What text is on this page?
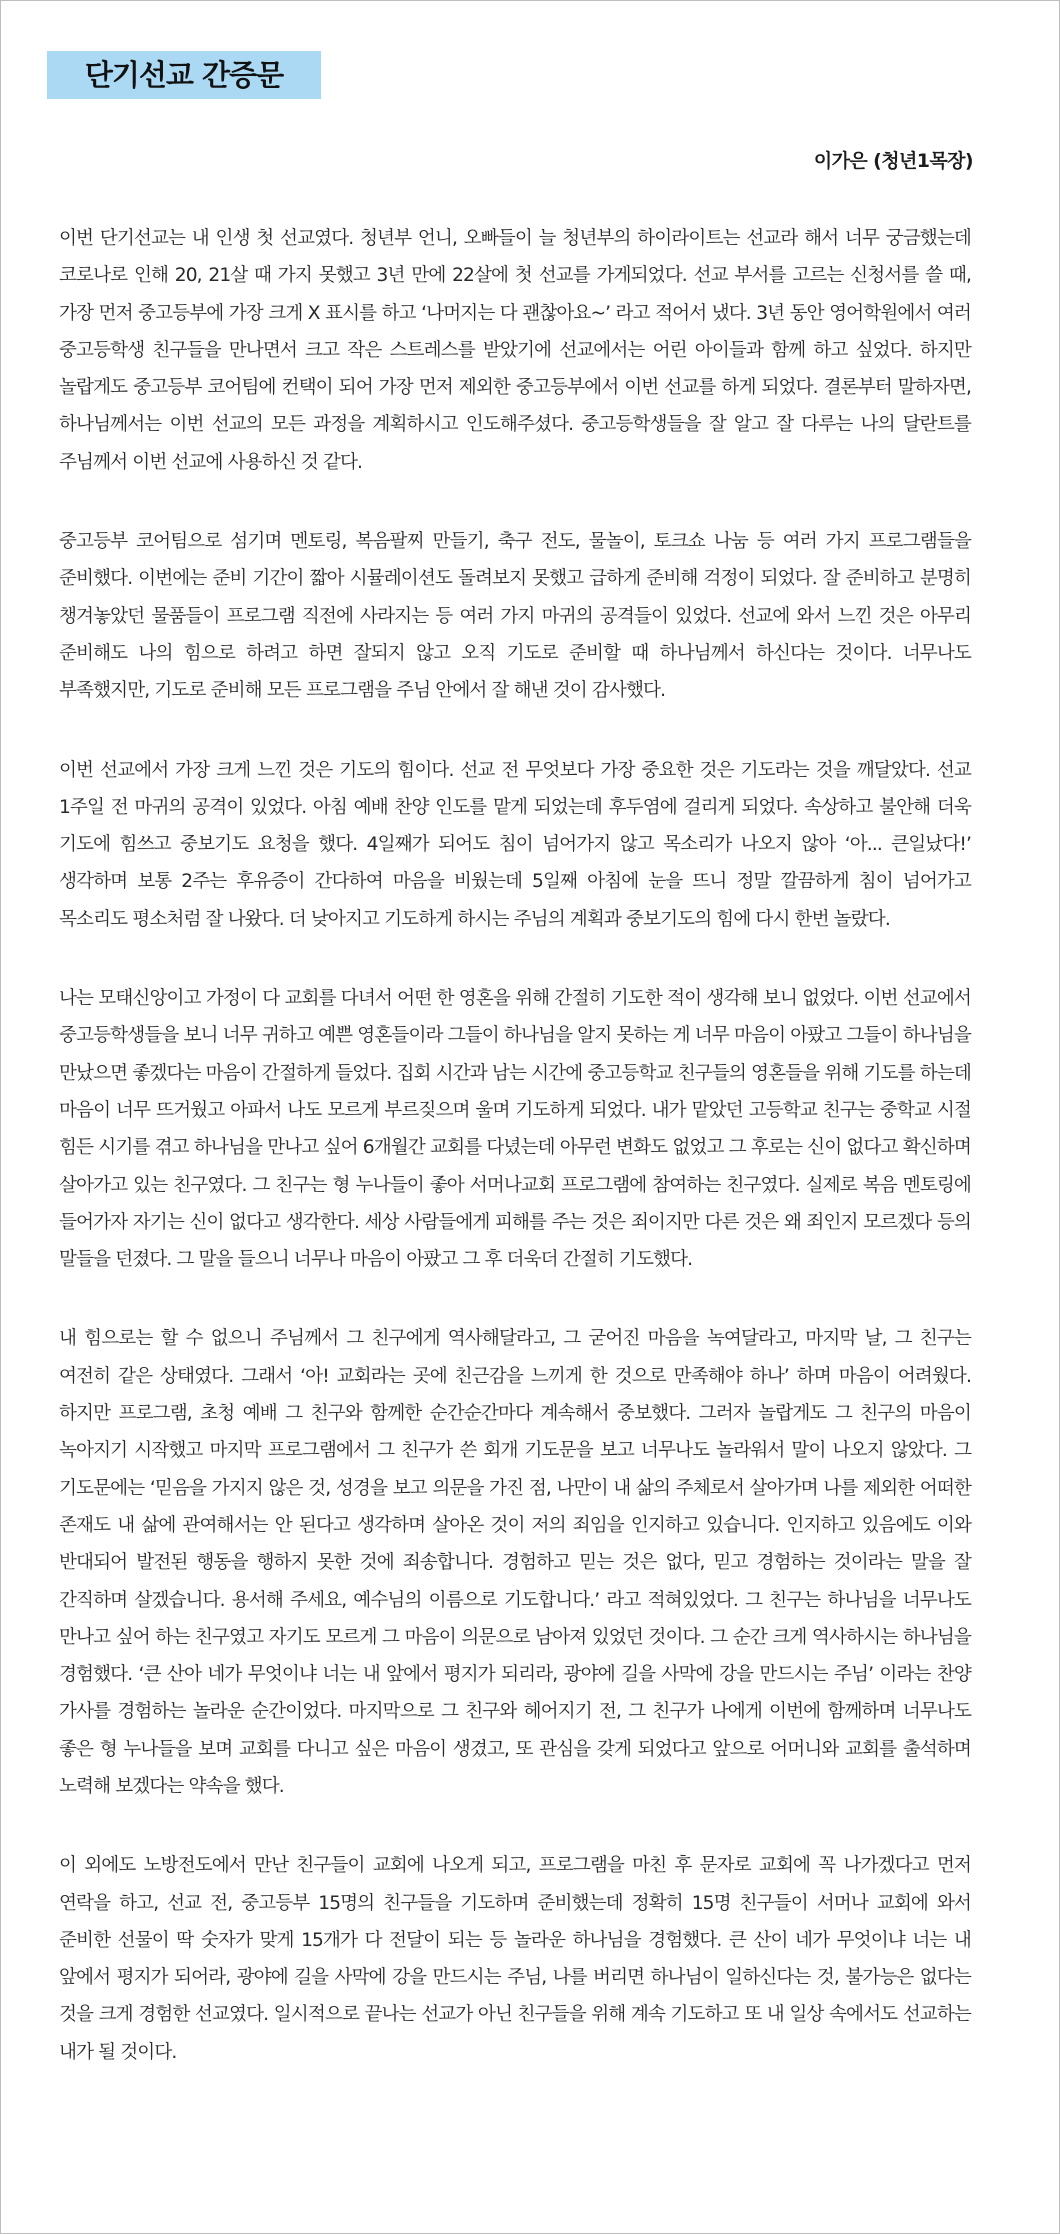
단기선교 간증문
이가은 (청년1목장)

이번 단기선교는 내 인생 첫 선교였다. 청년부 언니, 오빠들이 늘 청년부의 하이라이트는 선교라 해서 너무 궁금했는데 코로나로 인해 20, 21살 때 가지 못했고 3년 만에 22살에 첫 선교를 가게되었다. 선교 부서를 고르는 신청서를 쓸 때, 가장 먼저 중고등부에 가장 크게 X 표시를 하고 ‘나머지는 다 괜찮아요~’ 라고 적어서 냈다. 3년 동안 영어학원에서 여러 중고등학생 친구들을 만나면서 크고 작은 스트레스를 받았기에 선교에서는 어린 아이들과 함께 하고 싶었다. 하지만 놀랍게도 중고등부 코어팀에 컨택이 되어 가장 먼저 제외한 중고등부에서 이번 선교를 하게 되었다. 결론부터 말하자면, 하나님께서는 이번 선교의 모든 과정을 계획하시고 인도해주셨다. 중고등학생들을 잘 알고 잘 다루는 나의 달란트를 주님께서 이번 선교에 사용하신 것 같다.

중고등부 코어팀으로 섬기며 멘토링, 복음팔찌 만들기, 축구 전도, 물놀이, 토크쇼 나눔 등 여러 가지 프로그램들을 준비했다. 이번에는 준비 기간이 짧아 시뮬레이션도 돌려보지 못했고 급하게 준비해 걱정이 되었다. 잘 준비하고 분명히 챙겨놓았던 물품들이 프로그램 직전에 사라지는 등 여러 가지 마귀의 공격들이 있었다. 선교에 와서 느낀 것은 아무리 준비해도 나의 힘으로 하려고 하면 잘되지 않고 오직 기도로 준비할 때 하나님께서 하신다는 것이다. 너무나도 부족했지만, 기도로 준비해 모든 프로그램을 주님 안에서 잘 해낸 것이 감사했다.

이번 선교에서 가장 크게 느낀 것은 기도의 힘이다. 선교 전 무엇보다 가장 중요한 것은 기도라는 것을 깨달았다. 선교 1주일 전 마귀의 공격이 있었다. 아침 예배 찬양 인도를 맡게 되었는데 후두염에 걸리게 되었다. 속상하고 불안해 더욱 기도에 힘쓰고 중보기도 요청을 했다. 4일째가 되어도 침이 넘어가지 않고 목소리가 나오지 않아 ‘아... 큰일났다!’ 생각하며 보통 2주는 후유증이 간다하여 마음을 비웠는데 5일째 아침에 눈을 뜨니 정말 깔끔하게 침이 넘어가고 목소리도 평소처럼 잘 나왔다. 더 낮아지고 기도하게 하시는 주님의 계획과 중보기도의 힘에 다시 한번 놀랐다.

나는 모태신앙이고 가정이 다 교회를 다녀서 어떤 한 영혼을 위해 간절히 기도한 적이 생각해 보니 없었다. 이번 선교에서 중고등학생들을 보니 너무 귀하고 예쁜 영혼들이라 그들이 하나님을 알지 못하는 게 너무 마음이 아팠고 그들이 하나님을 만났으면 좋겠다는 마음이 간절하게 들었다. 집회 시간과 남는 시간에 중고등학교 친구들의 영혼들을 위해 기도를 하는데 마음이 너무 뜨거웠고 아파서 나도 모르게 부르짖으며 울며 기도하게 되었다. 내가 맡았던 고등학교 친구는 중학교 시절 힘든 시기를 겪고 하나님을 만나고 싶어 6개월간 교회를 다녔는데 아무런 변화도 없었고 그 후로는 신이 없다고 확신하며 살아가고 있는 친구였다. 그 친구는 형 누나들이 좋아 서머나교회 프로그램에 참여하는 친구였다. 실제로 복음 멘토링에 들어가자 자기는 신이 없다고 생각한다. 세상 사람들에게 피해를 주는 것은 죄이지만 다른 것은 왜 죄인지 모르겠다 등의 말들을 던졌다. 그 말을 들으니 너무나 마음이 아팠고 그 후 더욱더 간절히 기도했다.

내 힘으로는 할 수 없으니 주님께서 그 친구에게 역사해달라고, 그 굳어진 마음을 녹여달라고, 마지막 날, 그 친구는 여전히 같은 상태였다. 그래서 ‘아! 교회라는 곳에 친근감을 느끼게 한 것으로 만족해야 하나’ 하며 마음이 어려웠다. 하지만 프로그램, 초청 예배 그 친구와 함께한 순간순간마다 계속해서 중보했다. 그러자 놀랍게도 그 친구의 마음이 녹아지기 시작했고 마지막 프로그램에서 그 친구가 쓴 회개 기도문을 보고 너무나도 놀라워서 말이 나오지 않았다. 그 기도문에는 ‘믿음을 가지지 않은 것, 성경을 보고 의문을 가진 점, 나만이 내 삶의 주체로서 살아가며 나를 제외한 어떠한 존재도 내 삶에 관여해서는 안 된다고 생각하며 살아온 것이 저의 죄임을 인지하고 있습니다. 인지하고 있음에도 이와 반대되어 발전된 행동을 행하지 못한 것에 죄송합니다. 경험하고 믿는 것은 없다, 믿고 경험하는 것이라는 말을 잘 간직하며 살겠습니다. 용서해 주세요, 예수님의 이름으로 기도합니다.’ 라고 적혀있었다. 그 친구는 하나님을 너무나도 만나고 싶어 하는 친구였고 자기도 모르게 그 마음이 의문으로 남아져 있었던 것이다. 그 순간 크게 역사하시는 하나님을 경험했다. ‘큰 산아 네가 무엇이냐 너는 내 앞에서 평지가 되리라, 광야에 길을 사막에 강을 만드시는 주님’ 이라는 찬양 가사를 경험하는 놀라운 순간이었다. 마지막으로 그 친구와 헤어지기 전, 그 친구가 나에게 이번에 함께하며 너무나도 좋은 형 누나들을 보며 교회를 다니고 싶은 마음이 생겼고, 또 관심을 갖게 되었다고 앞으로 어머니와 교회를 출석하며 노력해 보겠다는 약속을 했다.

이 외에도 노방전도에서 만난 친구들이 교회에 나오게 되고, 프로그램을 마친 후 문자로 교회에 꼭 나가겠다고 먼저 연락을 하고, 선교 전, 중고등부 15명의 친구들을 기도하며 준비했는데 정확히 15명 친구들이 서머나 교회에 와서 준비한 선물이 딱 숫자가 맞게 15개가 다 전달이 되는 등 놀라운 하나님을 경험했다. 큰 산이 네가 무엇이냐 너는 내 앞에서 평지가 되어라, 광야에 길을 사막에 강을 만드시는 주님, 나를 버리면 하나님이 일하신다는 것, 불가능은 없다는 것을 크게 경험한 선교였다. 일시적으로 끝나는 선교가 아닌 친구들을 위해 계속 기도하고 또 내 일상 속에서도 선교하는 내가 될 것이다.
